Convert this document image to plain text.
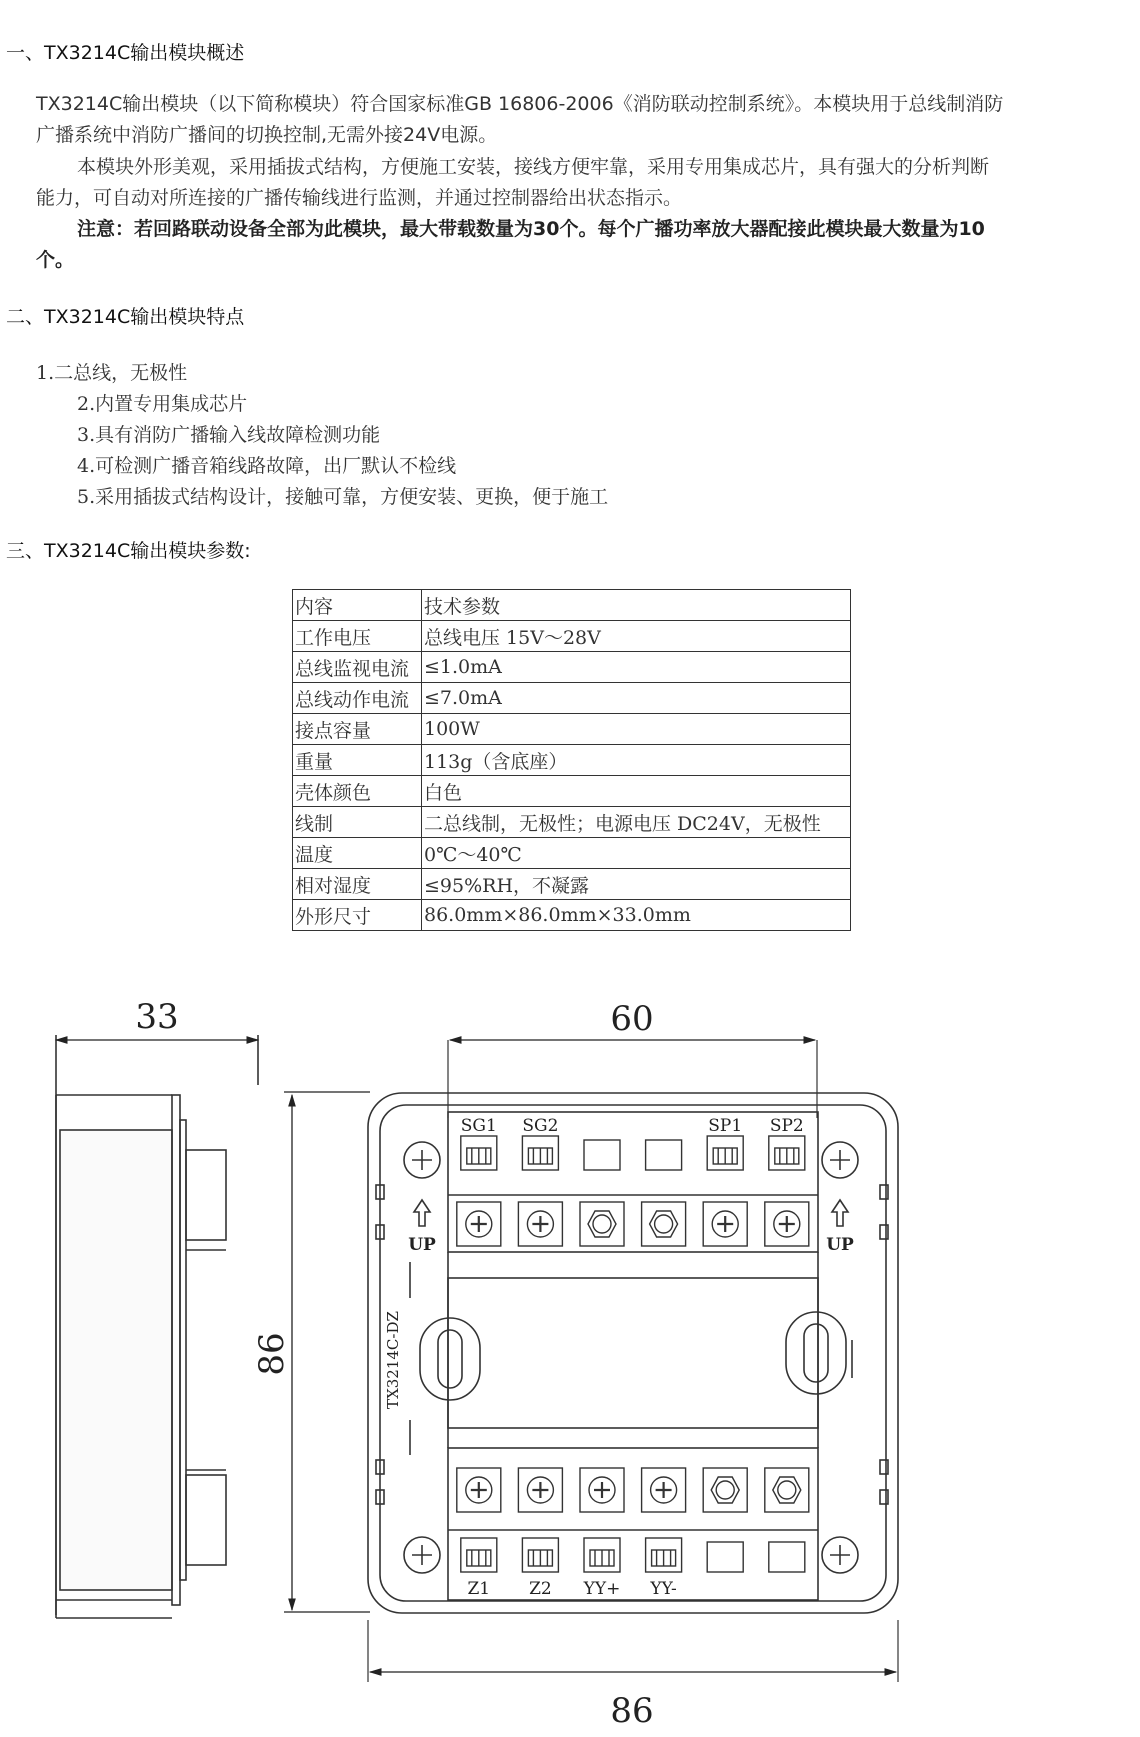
一、TX3214C输出模块概述
TX3214C输出模块（以下简称模块）符合国家标准GB 16806-2006《消防联动控制系统》。本模块用于总线制消防
广播系统中消防广播间的切换控制,无需外接24V电源。
本模块外形美观，采用插拔式结构，方便施工安装，接线方便牢靠，采用专用集成芯片，具有强大的分析判断
能力，可自动对所连接的广播传输线进行监测，并通过控制器给出状态指示。
注意：若回路联动设备全部为此模块，最大带载数量为30个。每个广播功率放大器配接此模块最大数量为10
个。
二、TX3214C输出模块特点
1.二总线，无极性
2.内置专用集成芯片
3.具有消防广播输入线故障检测功能
4.可检测广播音箱线路故障，出厂默认不检线
5.采用插拔式结构设计，接触可靠，方便安装、更换，便于施工
三、TX3214C输出模块参数:
内容	技术参数
工作电压	总线电压 15V～28V
总线监视电流	≤1.0mA
总线动作电流	≤7.0mA
接点容量	100W
重量	113g（含底座）
壳体颜色	白色
线制	二总线制，无极性；电源电压 DC24V，无极性
温度	0℃～40℃
相对湿度	≤95%RH，不凝露
外形尺寸	86.0mm×86.0mm×33.0mm
33
86
SG1 SG2	SP1 SP2
Z1 Z2 YY+ YY-
60
86
UP	UP
TX3214C-DZ
